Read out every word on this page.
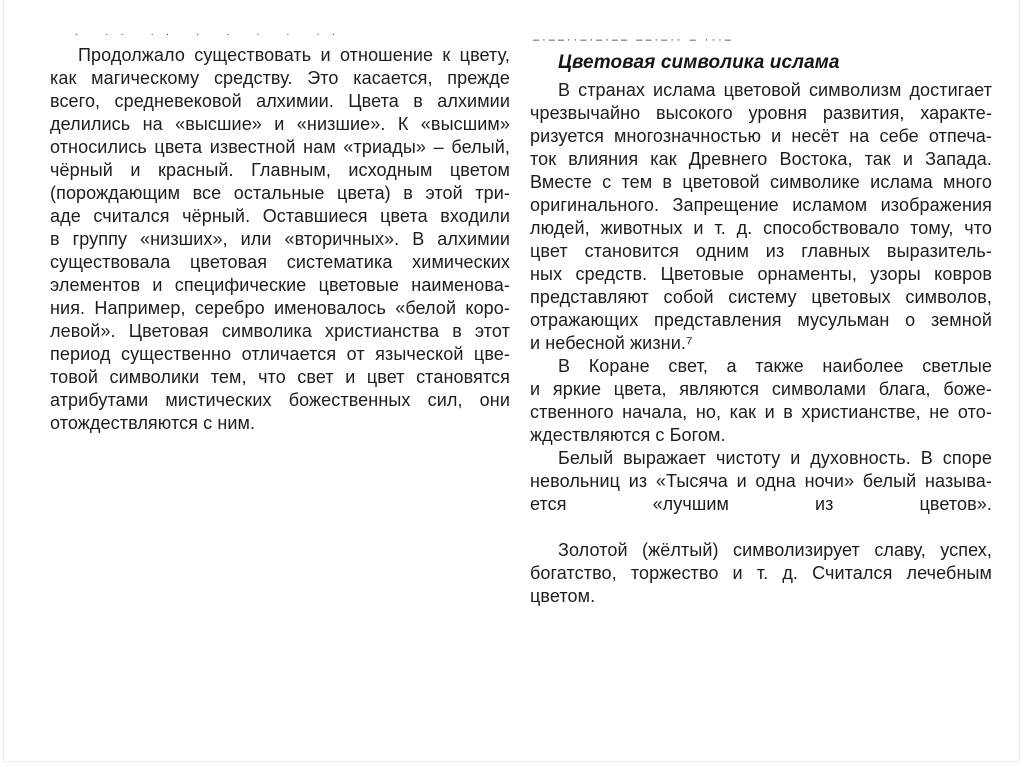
· ·· ·· · · · · ··	–·––··–·–·–– ––·–·· – ···–
Продолжало существовать и отношение к цвету,
как магическому средству. Это касается, прежде
всего, средневековой алхимии. Цвета в алхимии
делились на «высшие» и «низшие». К «высшим»
относились цвета известной нам «триады» – белый,
чёрный и красный. Главным, исходным цветом
(порождающим все остальные цвета) в этой три-
аде считался чёрный. Оставшиеся цвета входили
в группу «низших», или «вторичных». В алхимии
существовала цветовая систематика химических
элементов и специфические цветовые наименова-
ния. Например, серебро именовалось «белой коро-
левой». Цветовая символика христианства в этот
период существенно отличается от языческой цве-
товой символики тем, что свет и цвет становятся
атрибутами мистических божественных сил, они
отождествляются с ним.
Цветовая символика ислама
В странах ислама цветовой символизм достигает
чрезвычайно высокого уровня развития, характе-
ризуется многозначностью и несёт на себе отпеча-
ток влияния как Древнего Востока, так и Запада.
Вместе с тем в цветовой символике ислама много
оригинального. Запрещение исламом изображения
людей, животных и т. д. способствовало тому, что
цвет становится одним из главных выразитель-
ных средств. Цветовые орнаменты, узоры ковров
представляют собой систему цветовых символов,
отражающих представления мусульман о земной
и небесной жизни.⁷
В Коране свет, а также наиболее светлые
и яркие цвета, являются символами блага, боже-
ственного начала, но, как и в христианстве, не ото-
ждествляются с Богом.
Белый выражает чистоту и духовность. В споре
невольниц из «Тысяча и одна ночи» белый называ-
ется «лучшим из цветов».
Золотой (жёлтый) символизирует славу, успех,
богатство, торжество и т. д. Считался лечебным
цветом.
